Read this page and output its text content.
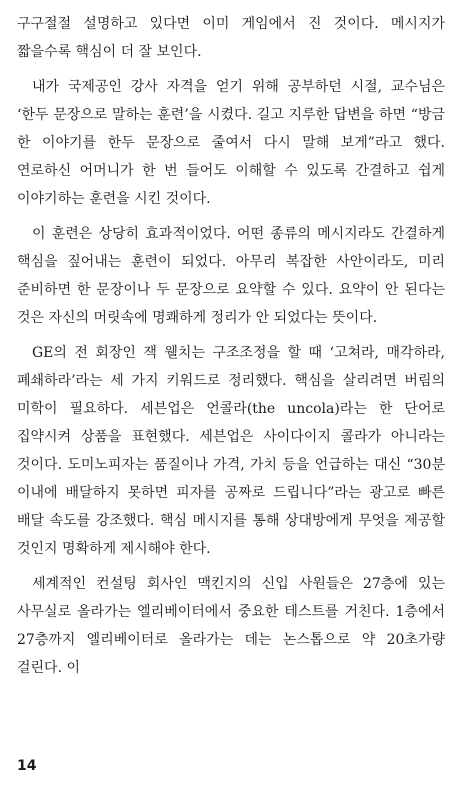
구구절절 설명하고 있다면 이미 게임에서 진 것이다. 메시지가 짧을수록 핵심이 더 잘 보인다.

내가 국제공인 강사 자격을 얻기 위해 공부하던 시절, 교수님은 ‘한두 문장으로 말하는 훈련’을 시켰다. 길고 지루한 답변을 하면 “방금 한 이야기를 한두 문장으로 줄여서 다시 말해 보게”라고 했다. 연로하신 어머니가 한 번 들어도 이해할 수 있도록 간결하고 쉽게 이야기하는 훈련을 시킨 것이다.

이 훈련은 상당히 효과적이었다. 어떤 종류의 메시지라도 간결하게 핵심을 짚어내는 훈련이 되었다. 아무리 복잡한 사안이라도, 미리 준비하면 한 문장이나 두 문장으로 요약할 수 있다. 요약이 안 된다는 것은 자신의 머릿속에 명쾌하게 정리가 안 되었다는 뜻이다.

GE의 전 회장인 잭 웰치는 구조조정을 할 때 ‘고쳐라, 매각하라, 폐쇄하라’라는 세 가지 키워드로 정리했다. 핵심을 살리려면 버림의 미학이 필요하다. 세븐업은 언콜라(the uncola)라는 한 단어로 집약시켜 상품을 표현했다. 세븐업은 사이다이지 콜라가 아니라는 것이다. 도미노피자는 품질이나 가격, 가치 등을 언급하는 대신 “30분 이내에 배달하지 못하면 피자를 공짜로 드립니다”라는 광고로 빠른 배달 속도를 강조했다. 핵심 메시지를 통해 상대방에게 무엇을 제공할 것인지 명확하게 제시해야 한다.

세계적인 컨설팅 회사인 맥킨지의 신입 사원들은 27층에 있는 사무실로 올라가는 엘리베이터에서 중요한 테스트를 거친다. 1층에서 27층까지 엘리베이터로 올라가는 데는 논스톱으로 약 20초가량 걸린다. 이

14
